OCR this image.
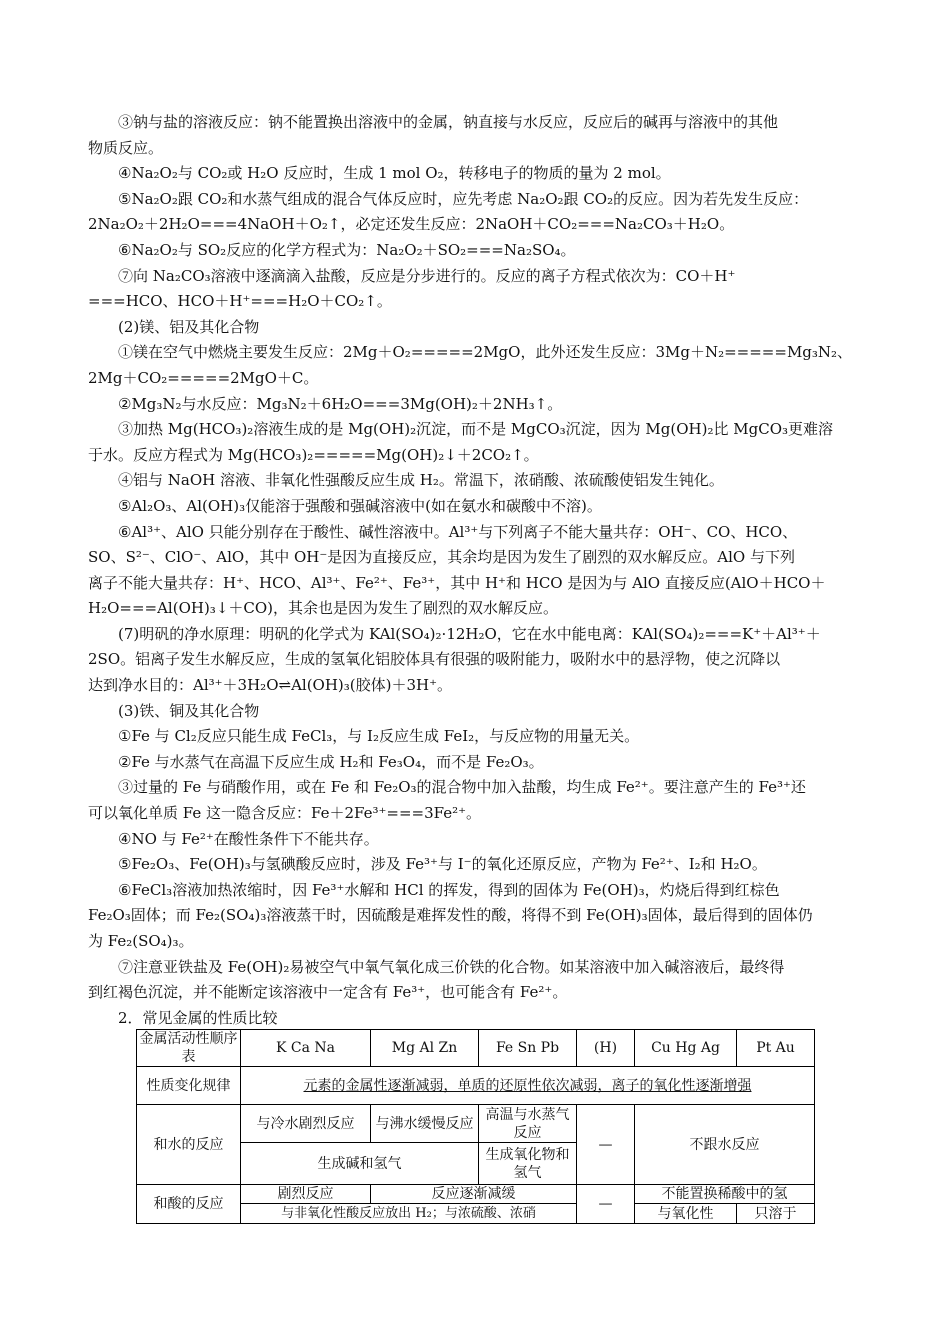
③钠与盐的溶液反应：钠不能置换出溶液中的金属，钠直接与水反应，反应后的碱再与溶液中的其他
物质反应。
④Na₂O₂与 CO₂或 H₂O 反应时，生成 1 mol O₂，转移电子的物质的量为 2 mol。
⑤Na₂O₂跟 CO₂和水蒸气组成的混合气体反应时，应先考虑 Na₂O₂跟 CO₂的反应。因为若先发生反应：
2Na₂O₂＋2H₂O===4NaOH＋O₂↑，必定还发生反应：2NaOH＋CO₂===Na₂CO₃＋H₂O。
⑥Na₂O₂与 SO₂反应的化学方程式为：Na₂O₂＋SO₂===Na₂SO₄。
⑦向 Na₂CO₃溶液中逐滴滴入盐酸，反应是分步进行的。反应的离子方程式依次为：CO＋H⁺
===HCO、HCO＋H⁺===H₂O＋CO₂↑。
(2)镁、铝及其化合物
①镁在空气中燃烧主要发生反应：2Mg＋O₂=====2MgO，此外还发生反应：3Mg＋N₂=====Mg₃N₂、
2Mg＋CO₂=====2MgO＋C。
②Mg₃N₂与水反应：Mg₃N₂＋6H₂O===3Mg(OH)₂＋2NH₃↑。
③加热 Mg(HCO₃)₂溶液生成的是 Mg(OH)₂沉淀，而不是 MgCO₃沉淀，因为 Mg(OH)₂比 MgCO₃更难溶
于水。反应方程式为 Mg(HCO₃)₂=====Mg(OH)₂↓＋2CO₂↑。
④铝与 NaOH 溶液、非氧化性强酸反应生成 H₂。常温下，浓硝酸、浓硫酸使铝发生钝化。
⑤Al₂O₃、Al(OH)₃仅能溶于强酸和强碱溶液中(如在氨水和碳酸中不溶)。
⑥Al³⁺、AlO 只能分别存在于酸性、碱性溶液中。Al³⁺与下列离子不能大量共存：OH⁻、CO、HCO、
SO、S²⁻、ClO⁻、AlO，其中 OH⁻是因为直接反应，其余均是因为发生了剧烈的双水解反应。AlO 与下列
离子不能大量共存：H⁺、HCO、Al³⁺、Fe²⁺、Fe³⁺，其中 H⁺和 HCO 是因为与 AlO 直接反应(AlO＋HCO＋
H₂O===Al(OH)₃↓＋CO)，其余也是因为发生了剧烈的双水解反应。
(7)明矾的净水原理：明矾的化学式为 KAl(SO₄)₂·12H₂O，它在水中能电离：KAl(SO₄)₂===K⁺＋Al³⁺＋
2SO。铝离子发生水解反应，生成的氢氧化铝胶体具有很强的吸附能力，吸附水中的悬浮物，使之沉降以
达到净水目的：Al³⁺＋3H₂O⇌Al(OH)₃(胶体)＋3H⁺。
(3)铁、铜及其化合物
①Fe 与 Cl₂反应只能生成 FeCl₃，与 I₂反应生成 FeI₂，与反应物的用量无关。
②Fe 与水蒸气在高温下反应生成 H₂和 Fe₃O₄，而不是 Fe₂O₃。
③过量的 Fe 与硝酸作用，或在 Fe 和 Fe₂O₃的混合物中加入盐酸，均生成 Fe²⁺。要注意产生的 Fe³⁺还
可以氧化单质 Fe 这一隐含反应：Fe＋2Fe³⁺===3Fe²⁺。
④NO 与 Fe²⁺在酸性条件下不能共存。
⑤Fe₂O₃、Fe(OH)₃与氢碘酸反应时，涉及 Fe³⁺与 I⁻的氧化还原反应，产物为 Fe²⁺、I₂和 H₂O。
⑥FeCl₃溶液加热浓缩时，因 Fe³⁺水解和 HCl 的挥发，得到的固体为 Fe(OH)₃，灼烧后得到红棕色
Fe₂O₃固体；而 Fe₂(SO₄)₃溶液蒸干时，因硫酸是难挥发性的酸，将得不到 Fe(OH)₃固体，最后得到的固体仍
为 Fe₂(SO₄)₃。
⑦注意亚铁盐及 Fe(OH)₂易被空气中氧气氧化成三价铁的化合物。如某溶液中加入碱溶液后，最终得
到红褐色沉淀，并不能断定该溶液中一定含有 Fe³⁺，也可能含有 Fe²⁺。
2．常见金属的性质比较
金属活动性顺序表	K Ca Na	Mg Al Zn	Fe Sn Pb	(H)	Cu Hg Ag	Pt Au
性质变化规律	元素的金属性逐渐减弱，单质的还原性依次减弱，离子的氧化性逐渐增强					
和水的反应	与冷水剧烈反应	与沸水缓慢反应	高温与水蒸气反应	—	不跟水反应	
	生成碱和氢气		生成氧化物和氢气			
和酸的反应	剧烈反应	反应逐渐减缓		—	不能置换稀酸中的氢	
	与非氧化性酸反应放出 H₂；与浓硫酸、浓硝				与氧化性	只溶于
